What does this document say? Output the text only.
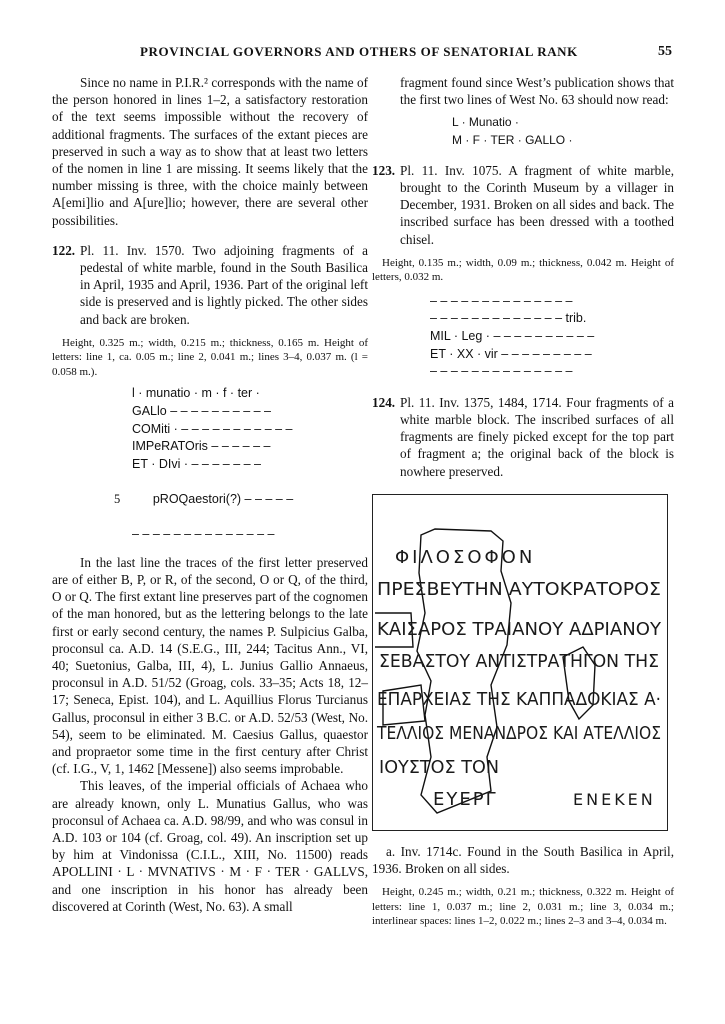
PROVINCIAL GOVERNORS AND OTHERS OF SENATORIAL RANK	55

Since no name in P.I.R.² corresponds with the name of the person honored in lines 1–2, a satisfactory restoration of the text seems impossible without the recovery of additional fragments. The surfaces of the extant pieces are preserved in such a way as to show that at least two letters of the nomen in line 1 are missing. It seems likely that the number missing is three, with the choice mainly between A[emi]lio and A[ure]lio; however, there are several other possibilities.

122. Pl. 11. Inv. 1570. Two adjoining fragments of a pedestal of white marble, found in the South Basilica in April, 1935 and April, 1936. Part of the original left side is preserved and is lightly picked. The other sides and back are broken.

Height, 0.325 m.; width, 0.215 m.; thickness, 0.165 m. Height of letters: line 1, ca. 0.05 m.; line 2, 0.041 m.; lines 3–4, 0.037 m. (l = 0.058 m.).

l · munatio · m · f · ter ·
GALlo – – – – – – – – – –
COMiti · – – – – – – – – – – –
IMPeRATOris – – – – – –
ET · DIvi · – – – – – – –

5	pROQaestori(?) – – – – –

– – – – – – – – – – – – – –

In the last line the traces of the first letter preserved are of either B, P, or R, of the second, O or Q, of the third, O or Q. The first extant line preserves part of the cognomen of the man honored, but as the lettering belongs to the late first or early second century, the names P. Sulpicius Galba, proconsul ca. A.D. 14 (S.E.G., III, 244; Tacitus Ann., VI, 40; Suetonius, Galba, III, 4), L. Junius Gallio Annaeus, proconsul in A.D. 51/52 (Groag, cols. 33–35; Acts 18, 12–17; Seneca, Epist. 104), and L. Aquillius Florus Turcianus Gallus, proconsul in either 3 B.C. or A.D. 52/53 (West, No. 54), seem to be eliminated. M. Caesius Gallus, quaestor and propraetor some time in the first century after Christ (cf. I.G., V, 1, 1462 [Messene]) also seems improbable.

This leaves, of the imperial officials of Achaea who are already known, only L. Munatius Gallus, who was proconsul of Achaea ca. A.D. 98/99, and who was consul in A.D. 103 or 104 (cf. Groag, col. 49). An inscription set up by him at Vindonissa (C.I.L., XIII, No. 11500) reads APOLLINI · L · MVNATIVS · M · F · TER · GALLVS, and one inscription in his honor has already been discovered at Corinth (West, No. 63). A small

fragment found since West’s publication shows that the first two lines of West No. 63 should now read:

L · Munatio ·
M · F · TER · GALLO ·
123. Pl. 11. Inv. 1075. A fragment of white marble, brought to the Corinth Museum by a villager in December, 1931. Broken on all sides and back. The inscribed surface has been dressed with a toothed chisel.

Height, 0.135 m.; width, 0.09 m.; thickness, 0.042 m. Height of letters, 0.032 m.

– – – – – – – – – – – – – –
– – – – – – – – – – – – – trib.
MIL · Leg · – – – – – – – – – –
ET · XX · vir – – – – – – – – –
– – – – – – – – – – – – – –
124. Pl. 11. Inv. 1375, 1484, 1714. Four fragments of a white marble block. The inscribed surfaces of all fragments are finely picked except for the top part of fragment a; the original back of the block is nowhere preserved.

ΦΙΛΟΣΟΦΟΝ
ΠΡΕΣΒΕΥΤΗΝ ΑΥΤΟΚΡΑΤΟΡΟΣ
ΚΑΙΣΑΡΟΣ ΤΡΑΙΑΝΟΥ ΑΔΡΙΑΝΟΥ
ΣΕΒΑΣΤΟΥ ΑΝΤΙΣΤΡΑΤΗΓΟΝ ΤΗΣ
ΕΠΑΡΧΕΙΑΣ ΤΗΣ ΚΑΠΠΑΔΟΚΙΑΣ Α·
ΤΕΛΛΙΟΣ ΜΕΝΑΝΔΡΟΣ ΚΑΙ ΑΤΕΛΛΙΟΣ
ΙΟΥΣΤΟΣ ΤΟΝ
ΕΥΕΡΓ	ΕΝΕΚΕΝ

a. Inv. 1714c. Found in the South Basilica in April, 1936. Broken on all sides.

Height, 0.245 m.; width, 0.21 m.; thickness, 0.322 m. Height of letters: line 1, 0.037 m.; line 2, 0.031 m.; line 3, 0.034 m.; interlinear spaces: lines 1–2, 0.022 m.; lines 2–3 and 3–4, 0.034 m.
